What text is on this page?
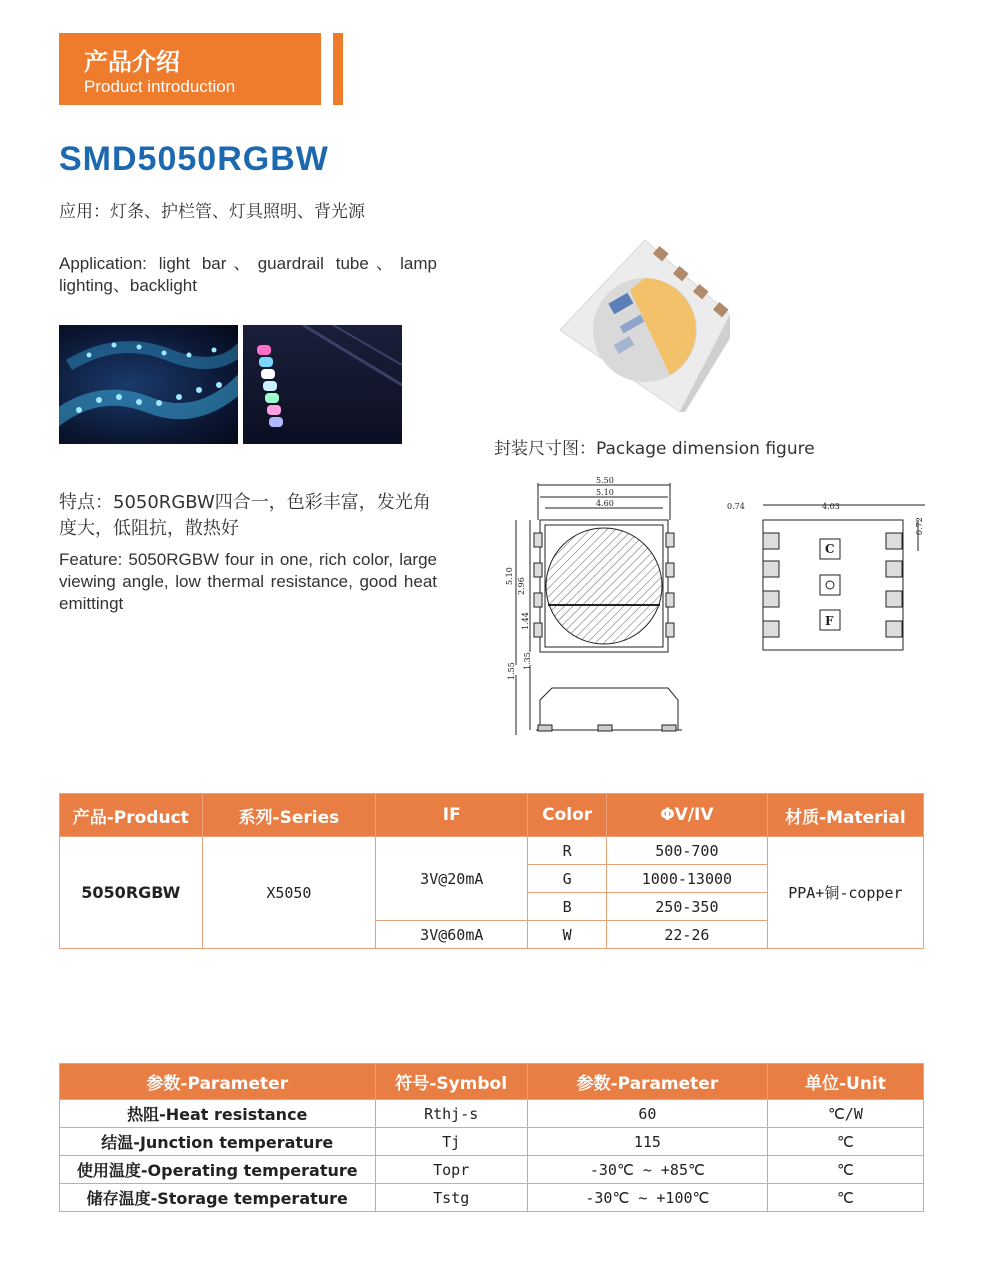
产品介绍
Product introduction
SMD5050RGBW
应用：灯条、护栏管、灯具照明、背光源
Application: light bar、guardrail tube、lamp lighting、backlight
封装尺寸图：Package dimension figure
特点：5050RGBW四合一，色彩丰富，发光角度大，低阻抗，散热好
Feature: 5050RGBW four in one, rich color, large viewing angle, low thermal resistance, good heat emittingt
5.50
5.10
4.60
2.96
5.10
1.44
1.35
1.55
0.74	4.03
0.72
C
F
产品-Product	系列-Series	IF	Color	ΦV/IV	材质-Material
5050RGBW	X5050	3V@20mA	R	500-700	PPA+铜-copper
			G	1000-13000	
			B	250-350	
		3V@60mA	W	22-26	
参数-Parameter	符号-Symbol	参数-Parameter	单位-Unit
热阻-Heat resistance	Rthj-s	60	℃/W
结温-Junction temperature	Tj	115	℃
使用温度-Operating temperature	Topr	-30℃ ~ +85℃	℃
储存温度-Storage temperature	Tstg	-30℃ ~ +100℃	℃
